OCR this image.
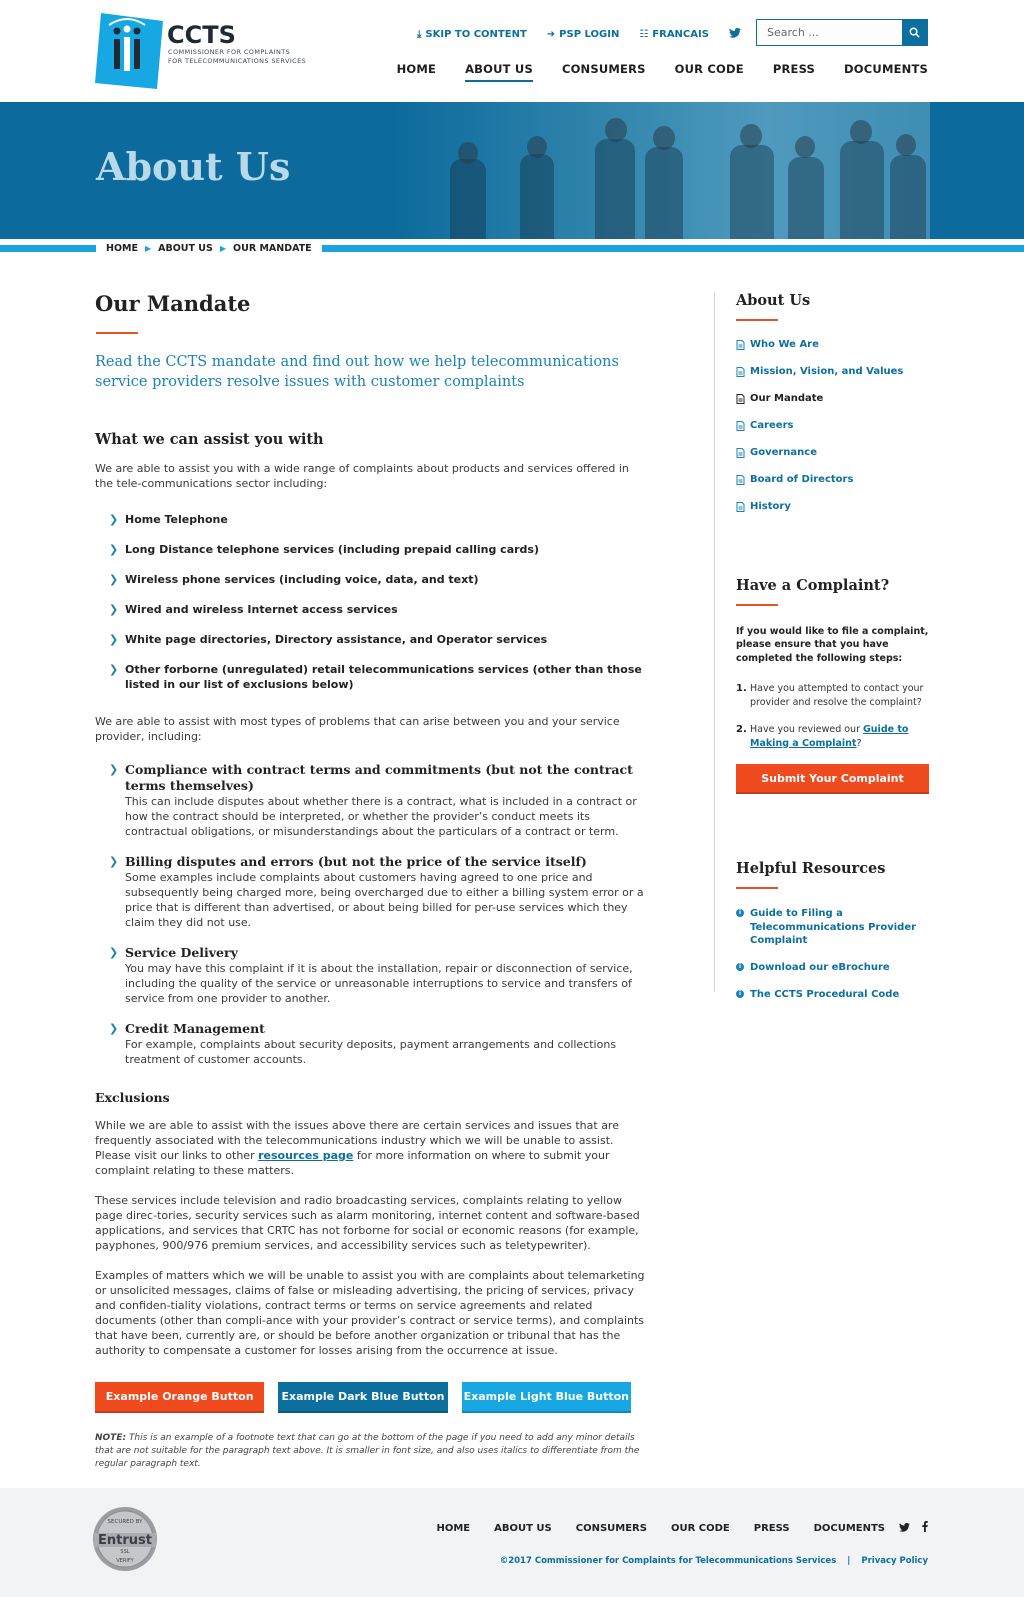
CCTS
COMMISSIONER FOR COMPLAINTS
FOR TELECOMMUNICATIONS SERVICES
⤓ SKIP TO CONTENT ➜ PSP LOGIN ☷ FRANCAIS
Search ...
HOME	ABOUT US	CONSUMERS	OUR CODE	PRESS	DOCUMENTS
About Us
HOME ▶ ABOUT US ▶ OUR MANDATE
Our Mandate

Read the CCTS mandate and find out how we help telecommunications service providers resolve issues with customer complaints

What we can assist you with

We are able to assist you with a wide range of complaints about products and services offered in the tele-communications sector including:

❯ Home Telephone
❯ Long Distance telephone services (including prepaid calling cards)
❯ Wireless phone services (including voice, data, and text)
❯ Wired and wireless Internet access services
❯ White page directories, Directory assistance, and Operator services
❯ Other forborne (unregulated) retail telecommunications services (other than those listed in our list of exclusions below)

We are able to assist with most types of problems that can arise between you and your service provider, including:

❯ Compliance with contract terms and commitments (but not the contract terms themselves)
This can include disputes about whether there is a contract, what is included in a contract or how the contract should be interpreted, or whether the provider’s conduct meets its contractual obligations, or misunderstandings about the particulars of a contract or term.
❯ Billing disputes and errors (but not the price of the service itself)
Some examples include complaints about customers having agreed to one price and subsequently being charged more, being overcharged due to either a billing system error or a price that is different than advertised, or about being billed for per-use services which they claim they did not use.
❯ Service Delivery
You may have this complaint if it is about the installation, repair or disconnection of service, including the quality of the service or unreasonable interruptions to service and transfers of service from one provider to another.
❯ Credit Management
For example, complaints about security deposits, payment arrangements and collections treatment of customer accounts.
Exclusions

While we are able to assist with the issues above there are certain services and issues that are frequently associated with the telecommunications industry which we will be unable to assist. Please visit our links to other resources page for more information on where to submit your complaint relating to these matters.

These services include television and radio broadcasting services, complaints relating to yellow page direc-tories, security services such as alarm monitoring, internet content and software-based applications, and services that CRTC has not forborne for social or economic reasons (for example, payphones, 900/976 premium services, and accessibility services such as teletypewriter).

Examples of matters which we will be unable to assist you with are complaints about telemarketing or unsolicited messages, claims of false or misleading advertising, the pricing of services, privacy and confiden-tiality violations, contract terms or terms on service agreements and related documents (other than compli-ance with your provider’s contract or service terms), and complaints that have been, currently are, or should be before another organization or tribunal that has the authority to compensate a customer for losses arising from the occurrence at issue.

Example Orange Button	Example Dark Blue Button Example Light Blue Button

NOTE: This is an example of a footnote text that can go at the bottom of the page if you need to add any minor details that are not suitable for the paragraph text above. It is smaller in font size, and also uses italics to differentiate from the regular paragraph text.

About Us
Who We Are
Mission, Vision, and Values
Our Mandate
Careers
Governance
Board of Directors
History
Have a Complaint?

If you would like to file a complaint, please ensure that you have completed the following steps:

1. Have you attempted to contact your provider and resolve the complaint?
2. Have you reviewed our Guide to Making a Complaint?
Submit Your Complaint
Helpful Resources
i Guide to Filing a Telecommunications Provider Complaint
i Download our eBrochure
i The CCTS Procedural Code
Entrust
SECURED BY
SSL
VERIFY
HOME ABOUT US CONSUMERS OUR CODE PRESS DOCUMENTS
©2017 Commissioner for Complaints for Telecommunications Services | Privacy Policy
